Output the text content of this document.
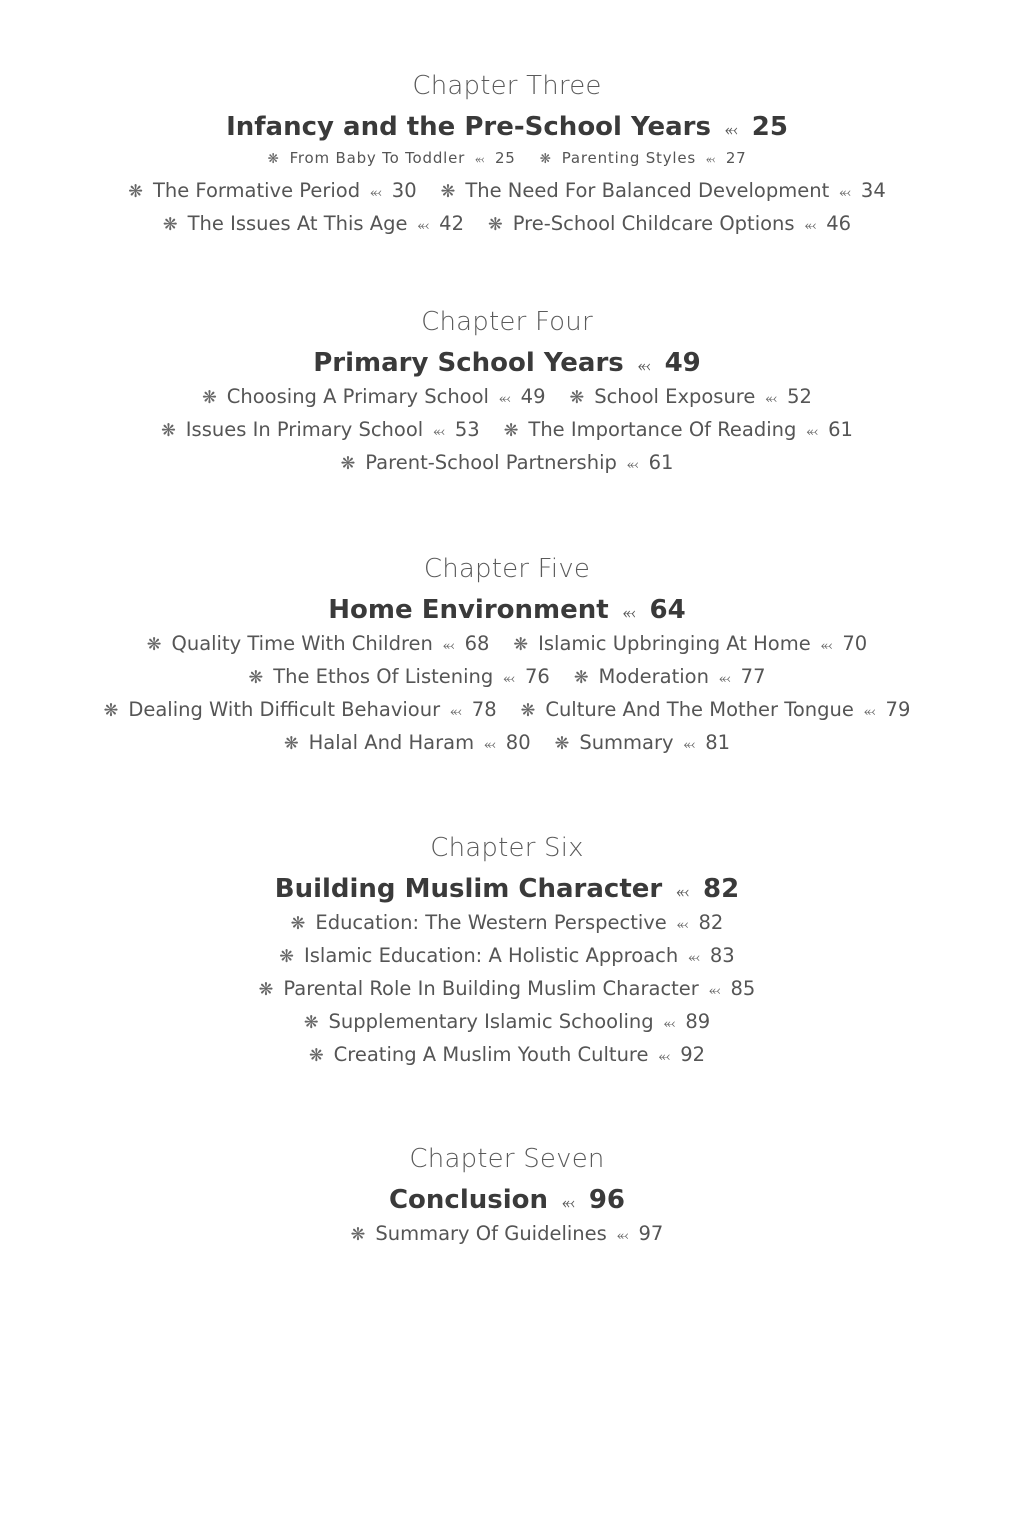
Chapter Three
Infancy and the Pre-School Years ⬻ 25
❋ From Baby To Toddler ⬻ 25 ❋ Parenting Styles ⬻ 27
❋ The Formative Period ⬻ 30 ❋ The Need For Balanced Development ⬻ 34
❋ The Issues At This Age ⬻ 42 ❋ Pre-School Childcare Options ⬻ 46
Chapter Four
Primary School Years ⬻ 49
❋ Choosing A Primary School ⬻ 49 ❋ School Exposure ⬻ 52
❋ Issues In Primary School ⬻ 53 ❋ The Importance Of Reading ⬻ 61
❋ Parent-School Partnership ⬻ 61
Chapter Five
Home Environment ⬻ 64
❋ Quality Time With Children ⬻ 68 ❋ Islamic Upbringing At Home ⬻ 70
❋ The Ethos Of Listening ⬻ 76 ❋ Moderation ⬻ 77
❋ Dealing With Difficult Behaviour ⬻ 78 ❋ Culture And The Mother Tongue ⬻ 79
❋ Halal And Haram ⬻ 80 ❋ Summary ⬻ 81
Chapter Six
Building Muslim Character ⬻ 82
❋ Education: The Western Perspective ⬻ 82
❋ Islamic Education: A Holistic Approach ⬻ 83
❋ Parental Role In Building Muslim Character ⬻ 85
❋ Supplementary Islamic Schooling ⬻ 89
❋ Creating A Muslim Youth Culture ⬻ 92
Chapter Seven
Conclusion ⬻ 96
❋ Summary Of Guidelines ⬻ 97
